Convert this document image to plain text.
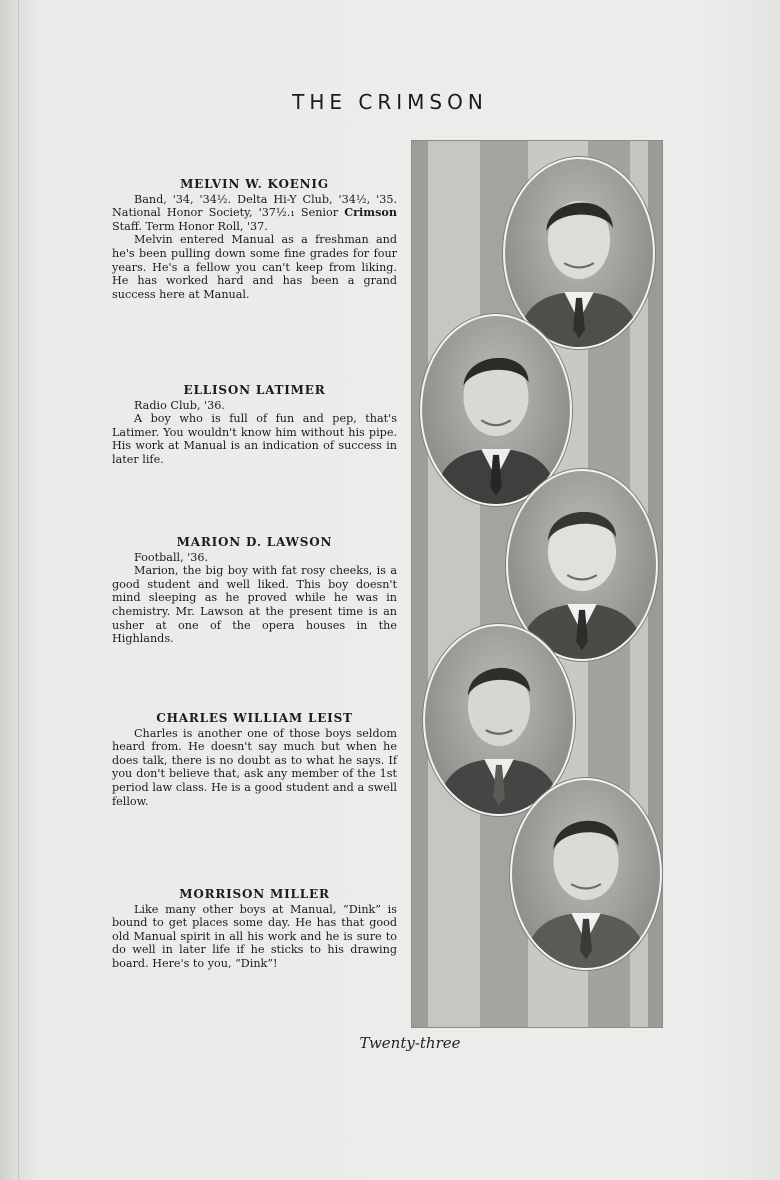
THE CRIMSON
MELVIN W. KOENIG
Band, '34, '34½. Delta Hi-Y Club, '34½, '35. National Honor Society, '37½.₁ Senior Crimson Staff. Term Honor Roll, '37.
Melvin entered Manual as a freshman and he's been pulling down some fine grades for four years. He's a fellow you can't keep from liking. He has worked hard and has been a grand success here at Manual.
ELLISON LATIMER
Radio Club, '36.
A boy who is full of fun and pep, that's Latimer. You wouldn't know him without his pipe. His work at Manual is an indication of success in later life.
MARION D. LAWSON
Football, '36.
Marion, the big boy with fat rosy cheeks, is a good student and well liked. This boy doesn't mind sleeping as he proved while he was in chemistry. Mr. Lawson at the present time is an usher at one of the opera houses in the Highlands.
CHARLES WILLIAM LEIST
Charles is another one of those boys seldom heard from. He doesn't say much but when he does talk, there is no doubt as to what he says. If you don't believe that, ask any member of the 1st period law class. He is a good student and a swell fellow.
MORRISON MILLER
Like many other boys at Manual, “Dink” is bound to get places some day. He has that good old Manual spirit in all his work and he is sure to do well in later life if he sticks to his drawing board. Here's to you, “Dink”!
Twenty-three
